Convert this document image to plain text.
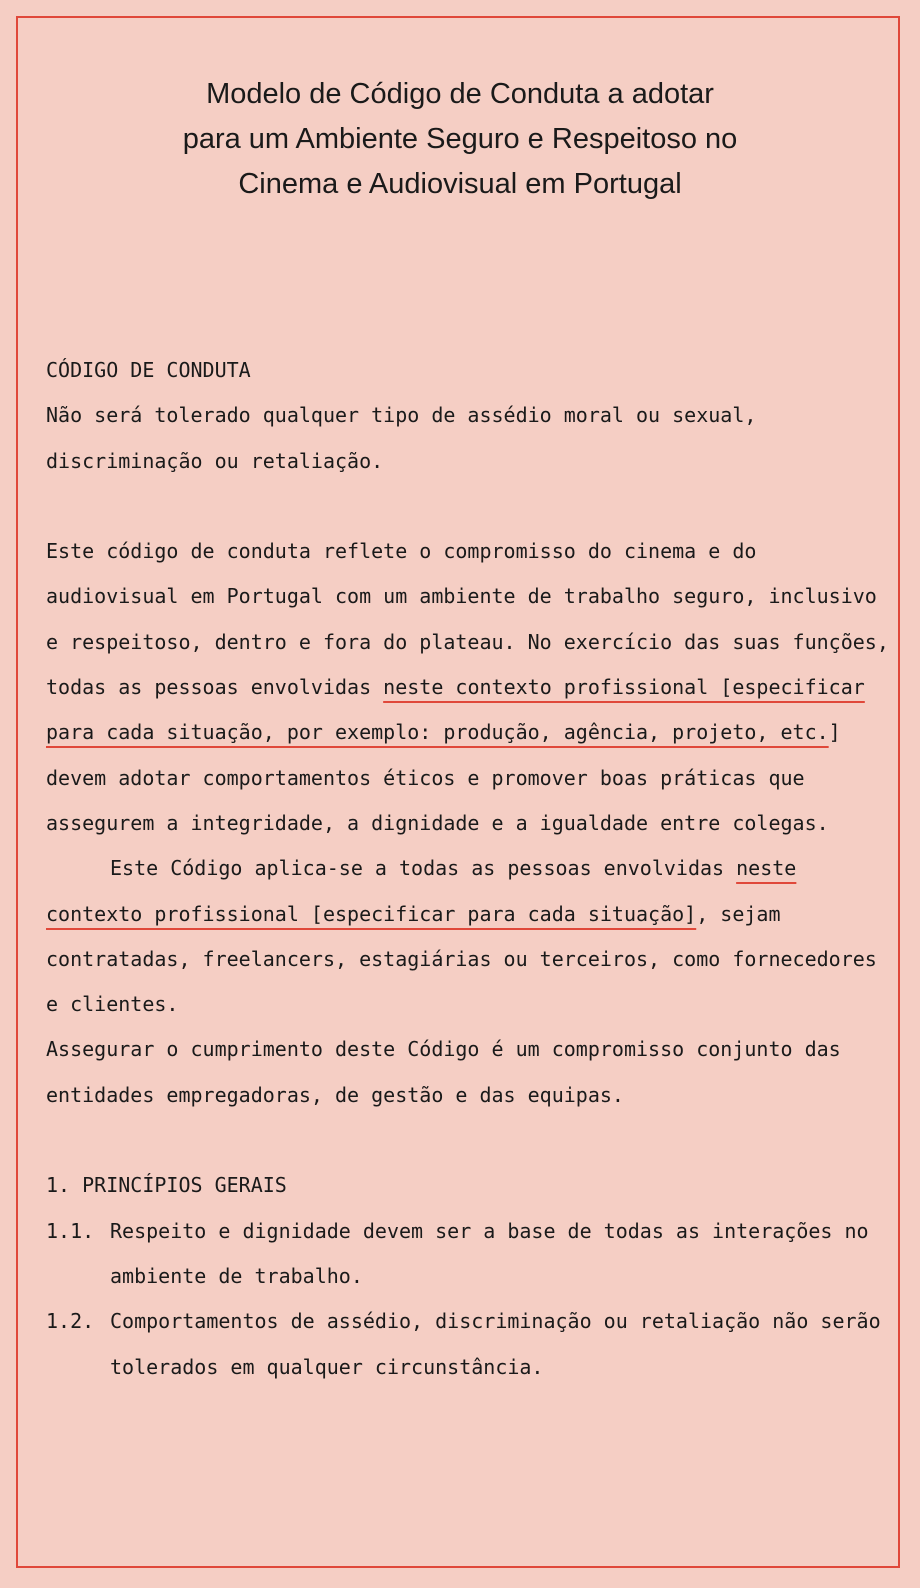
Modelo de Código de Conduta a adotar
para um Ambiente Seguro e Respeitoso no
Cinema e Audiovisual em Portugal
CÓDIGO DE CONDUTA

Não será tolerado qualquer tipo de assédio moral ou sexual, discriminação ou retaliação.

Este código de conduta reflete o compromisso do cinema e do audiovisual em Portugal com um ambiente de trabalho seguro, inclusivo e respeitoso, dentro e fora do plateau. No exercício das suas funções, todas as pessoas envolvidas neste contexto profissional [especificar para cada situação, por exemplo: produção, agência, projeto, etc.] devem adotar comportamentos éticos e promover boas práticas que assegurem a integridade, a dignidade e a igualdade entre colegas.

Este Código aplica-se a todas as pessoas envolvidas neste contexto profissional [especificar para cada situação], sejam contratadas, freelancers, estagiárias ou terceiros, como fornecedores e clientes.

Assegurar o cumprimento deste Código é um compromisso conjunto das entidades empregadoras, de gestão e das equipas.

1. PRINCÍPIOS GERAIS
1.1. Respeito e dignidade devem ser a base de todas as interações no ambiente de trabalho.
1.2. Comportamentos de assédio, discriminação ou retaliação não serão tolerados em qualquer circunstância.
